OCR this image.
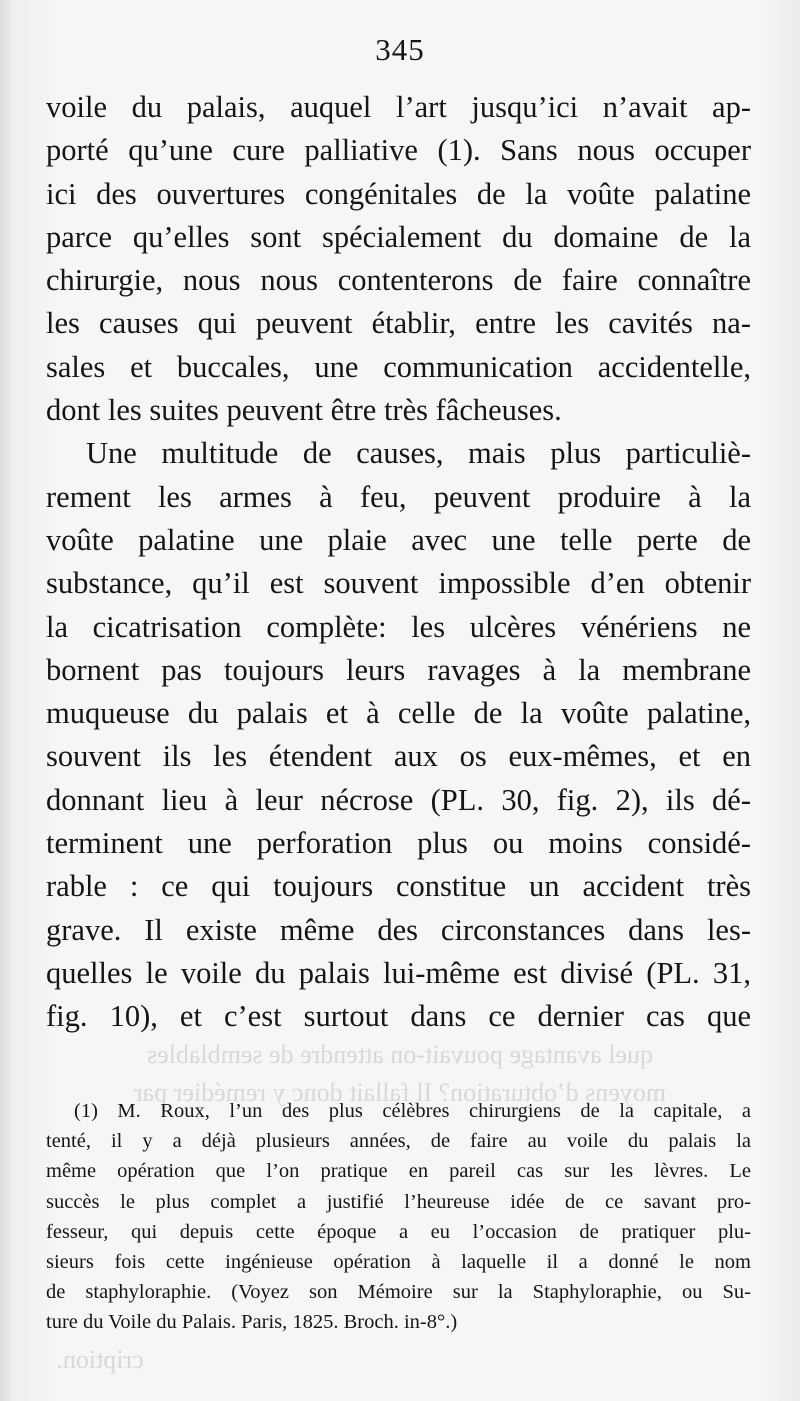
345
quel avantage pouvait-on attendre de semblables
moyens d’obturation? Il fallait donc y remédier par
cription.
voile du palais, auquel l’art jusqu’ici n’avait ap-
porté qu’une cure palliative (1). Sans nous occuper
ici des ouvertures congénitales de la voûte palatine
parce qu’elles sont spécialement du domaine de la
chirurgie, nous nous contenterons de faire connaître
les causes qui peuvent établir, entre les cavités na-
sales et buccales, une communication accidentelle,
dont les suites peuvent être très fâcheuses.
Une multitude de causes, mais plus particuliè-
rement les armes à feu, peuvent produire à la
voûte palatine une plaie avec une telle perte de
substance, qu’il est souvent impossible d’en obtenir
la cicatrisation complète: les ulcères vénériens ne
bornent pas toujours leurs ravages à la membrane
muqueuse du palais et à celle de la voûte palatine,
souvent ils les étendent aux os eux-mêmes, et en
donnant lieu à leur nécrose (PL. 30, fig. 2), ils dé-
terminent une perforation plus ou moins considé-
rable : ce qui toujours constitue un accident très
grave. Il existe même des circonstances dans les-
quelles le voile du palais lui-même est divisé (PL. 31,
fig. 10), et c’est surtout dans ce dernier cas que
(1) M. Roux, l’un des plus célèbres chirurgiens de la capitale, a
tenté, il y a déjà plusieurs années, de faire au voile du palais la
même opération que l’on pratique en pareil cas sur les lèvres. Le
succès le plus complet a justifié l’heureuse idée de ce savant pro-
fesseur, qui depuis cette époque a eu l’occasion de pratiquer plu-
sieurs fois cette ingénieuse opération à laquelle il a donné le nom
de staphyloraphie. (Voyez son Mémoire sur la Staphyloraphie, ou Su-
ture du Voile du Palais. Paris, 1825. Broch. in-8°.)
